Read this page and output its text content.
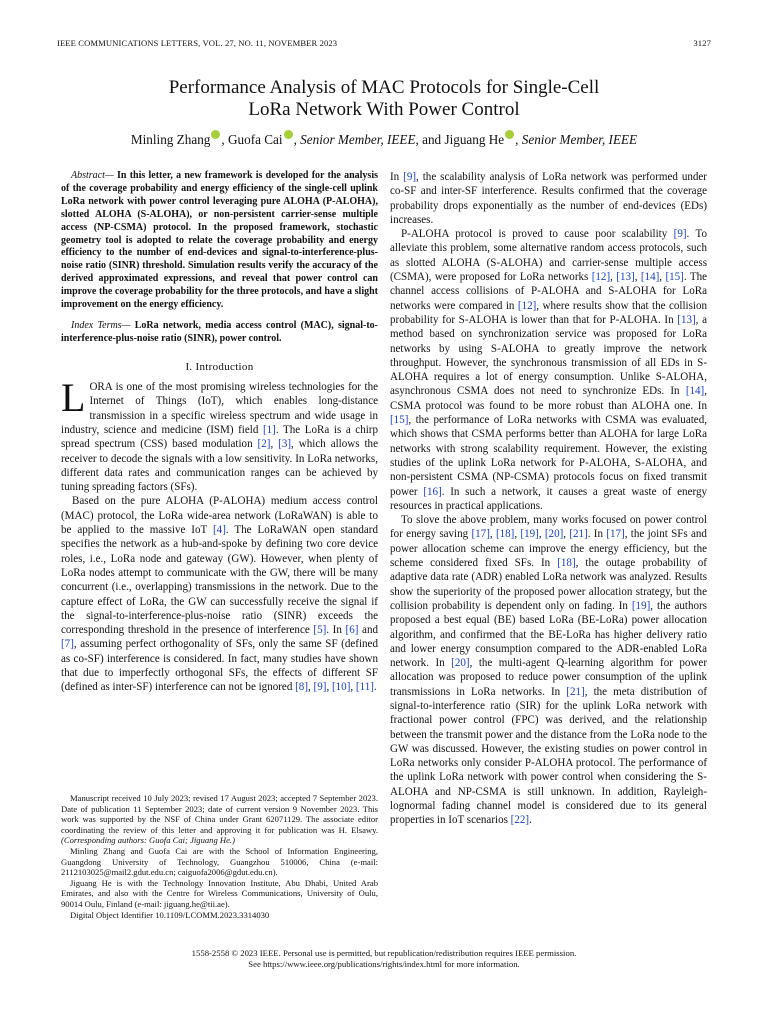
IEEE COMMUNICATIONS LETTERS, VOL. 27, NO. 11, NOVEMBER 2023	3127
Performance Analysis of MAC Protocols for Single-Cell
LoRa Network With Power Control
Minling Zhang , Guofa Cai , Senior Member, IEEE, and Jiguang He , Senior Member, IEEE

Abstract— In this letter, a new framework is developed for the analysis of the coverage probability and energy efficiency of the single-cell uplink LoRa network with power control leveraging pure ALOHA (P-ALOHA), slotted ALOHA (S-ALOHA), or non-persistent carrier-sense multiple access (NP-CSMA) protocol. In the proposed framework, stochastic geometry tool is adopted to relate the coverage probability and energy efficiency to the number of end-devices and signal-to-interference-plus-noise ratio (SINR) threshold. Simulation results verify the accuracy of the derived approximated expressions, and reveal that power control can improve the coverage probability for the three protocols, and have a slight improvement on the energy efficiency.

Index Terms— LoRa network, media access control (MAC), signal-to-interference-plus-noise ratio (SINR), power control.

I. Introduction

LORA is one of the most promising wireless technologies for the Internet of Things (IoT), which enables long-distance transmission in a specific wireless spectrum and wide usage in industry, science and medicine (ISM) field [1]. The LoRa is a chirp spread spectrum (CSS) based modulation [2], [3], which allows the receiver to decode the signals with a low sensitivity. In LoRa networks, different data rates and communication ranges can be achieved by tuning spreading factors (SFs).

Based on the pure ALOHA (P-ALOHA) medium access control (MAC) protocol, the LoRa wide-area network (LoRaWAN) is able to be applied to the massive IoT [4]. The LoRaWAN open standard specifies the network as a hub-and-spoke by defining two core device roles, i.e., LoRa node and gateway (GW). However, when plenty of LoRa nodes attempt to communicate with the GW, there will be many concurrent (i.e., overlapping) transmissions in the network. Due to the capture effect of LoRa, the GW can successfully receive the signal if the signal-to-interference-plus-noise ratio (SINR) exceeds the corresponding threshold in the presence of interference [5]. In [6] and [7], assuming perfect orthogonality of SFs, only the same SF (defined as co-SF) interference is considered. In fact, many studies have shown that due to imperfectly orthogonal SFs, the effects of different SF (defined as inter-SF) interference can not be ignored [8], [9], [10], [11].

Manuscript received 10 July 2023; revised 17 August 2023; accepted 7 September 2023. Date of publication 11 September 2023; date of current version 9 November 2023. This work was supported by the NSF of China under Grant 62071129. The associate editor coordinating the review of this letter and approving it for publication was H. Elsawy. (Corresponding authors: Guofa Cai; Jiguang He.)

Minling Zhang and Guofa Cai are with the School of Information Engineering, Guangdong University of Technology, Guangzhou 510006, China (e-mail: 2112103025@mail2.gdut.edu.cn; caiguofa2006@gdut.edu.cn).

Jiguang He is with the Technology Innovation Institute, Abu Dhabi, United Arab Emirates, and also with the Centre for Wireless Communications, University of Oulu, 90014 Oulu, Finland (e-mail: jiguang.he@tii.ae).

Digital Object Identifier 10.1109/LCOMM.2023.3314030

In [9], the scalability analysis of LoRa network was performed under co-SF and inter-SF interference. Results confirmed that the coverage probability drops exponentially as the number of end-devices (EDs) increases.

P-ALOHA protocol is proved to cause poor scalability [9]. To alleviate this problem, some alternative random access protocols, such as slotted ALOHA (S-ALOHA) and carrier-sense multiple access (CSMA), were proposed for LoRa networks [12], [13], [14], [15]. The channel access collisions of P-ALOHA and S-ALOHA for LoRa networks were compared in [12], where results show that the collision probability for S-ALOHA is lower than that for P-ALOHA. In [13], a method based on synchronization service was proposed for LoRa networks by using S-ALOHA to greatly improve the network throughput. However, the synchronous transmission of all EDs in S-ALOHA requires a lot of energy consumption. Unlike S-ALOHA, asynchronous CSMA does not need to synchronize EDs. In [14], CSMA protocol was found to be more robust than ALOHA one. In [15], the performance of LoRa networks with CSMA was evaluated, which shows that CSMA performs better than ALOHA for large LoRa networks with strong scalability requirement. However, the existing studies of the uplink LoRa network for P-ALOHA, S-ALOHA, and non-persistent CSMA (NP-CSMA) protocols focus on fixed transmit power [16]. In such a network, it causes a great waste of energy resources in practical applications.

To slove the above problem, many works focused on power control for energy saving [17], [18], [19], [20], [21]. In [17], the joint SFs and power allocation scheme can improve the energy efficiency, but the scheme considered fixed SFs. In [18], the outage probability of adaptive data rate (ADR) enabled LoRa network was analyzed. Results show the superiority of the proposed power allocation strategy, but the collision probability is dependent only on fading. In [19], the authors proposed a best equal (BE) based LoRa (BE-LoRa) power allocation algorithm, and confirmed that the BE-LoRa has higher delivery ratio and lower energy consumption compared to the ADR-enabled LoRa network. In [20], the multi-agent Q-learning algorithm for power allocation was proposed to reduce power consumption of the uplink transmissions in LoRa networks. In [21], the meta distribution of signal-to-interference ratio (SIR) for the uplink LoRa network with fractional power control (FPC) was derived, and the relationship between the transmit power and the distance from the LoRa node to the GW was discussed. However, the existing studies on power control in LoRa networks only consider P-ALOHA protocol. The performance of the uplink LoRa network with power control when considering the S-ALOHA and NP-CSMA is still unknown. In addition, Rayleigh-lognormal fading channel model is considered due to its general properties in IoT scenarios [22].

1558-2558 © 2023 IEEE. Personal use is permitted, but republication/redistribution requires IEEE permission.
See https://www.ieee.org/publications/rights/index.html for more information.
